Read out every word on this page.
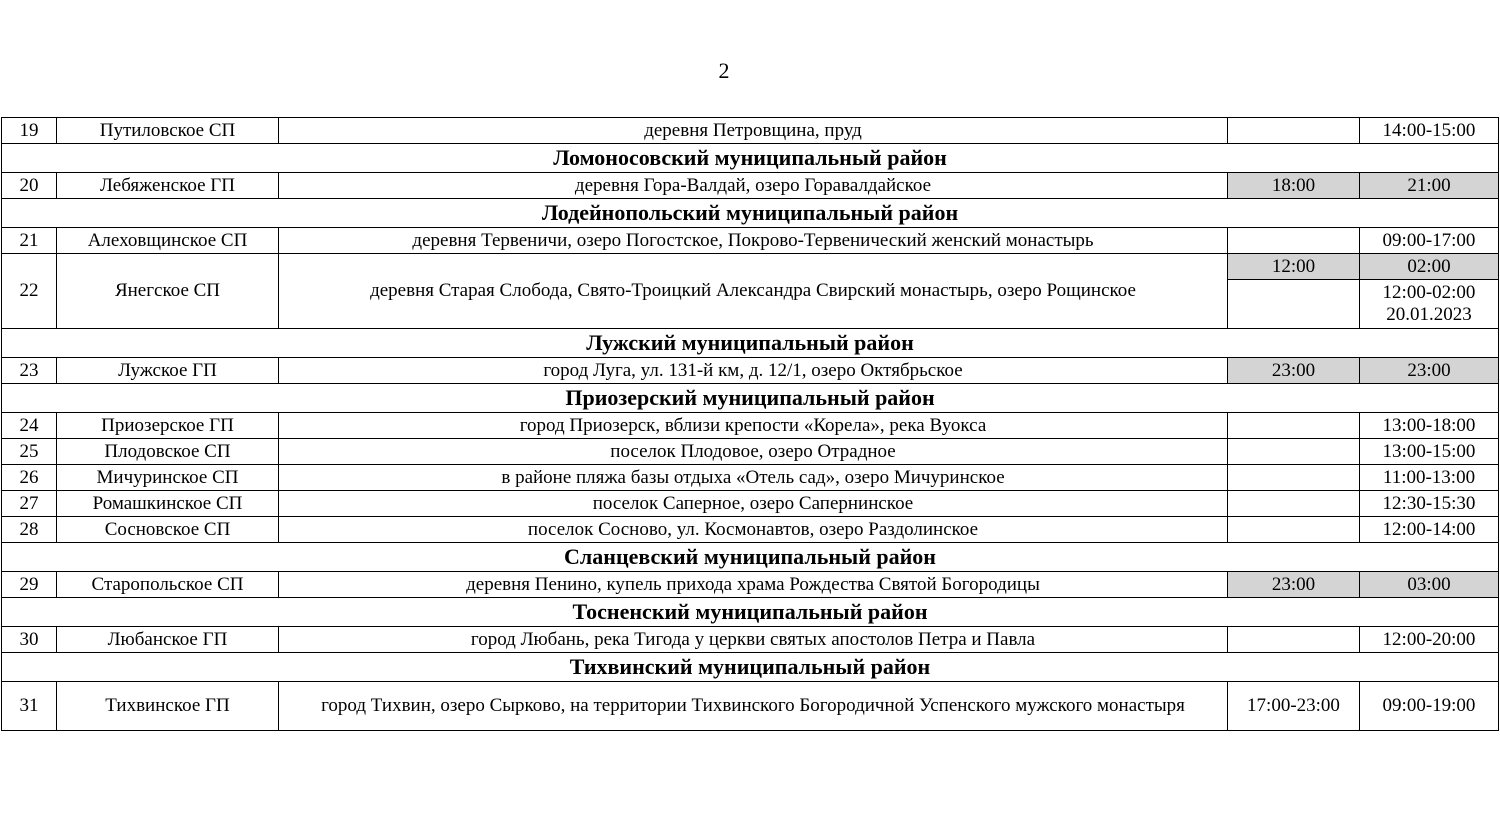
2
19	Путиловское СП	деревня Петровщина, пруд		14:00-15:00
Ломоносовский муниципальный район				
20	Лебяженское ГП	деревня Гора-Валдай, озеро Горавалдайское	18:00	21:00
Лодейнопольский муниципальный район				
21	Алеховщинское СП	деревня Тервеничи, озеро Погостское, Покрово-Тервенический женский монастырь		09:00-17:00
22	Янегское СП	деревня Старая Слобода, Свято-Троицкий Александра Свирский монастырь, озеро Рощинское	12:00	02:00

				12:00-02:00
20.01.2023

Лужский муниципальный район				
23	Лужское ГП	город Луга, ул. 131-й км, д. 12/1, озеро Октябрьское	23:00	23:00
Приозерский муниципальный район				
24	Приозерское ГП	город Приозерск, вблизи крепости «Корела», река Вуокса		13:00-18:00
25	Плодовское СП	поселок Плодовое, озеро Отрадное		13:00-15:00
26	Мичуринское СП	в районе пляжа базы отдыха «Отель сад», озеро Мичуринское		11:00-13:00
27	Ромашкинское СП	поселок Саперное, озеро Сапернинское		12:30-15:30
28	Сосновское СП	поселок Сосново, ул. Космонавтов, озеро Раздолинское		12:00-14:00
Сланцевский муниципальный район				
29	Старопольское СП	деревня Пенино, купель прихода храма Рождества Святой Богородицы	23:00	03:00
Тосненский муниципальный район				
30	Любанское ГП	город Любань, река Тигода у церкви святых апостолов Петра и Павла		12:00-20:00
Тихвинский муниципальный район				
31	Тихвинское ГП	город Тихвин, озеро Сырково, на территории Тихвинского Богородичной Успенского мужского монастыря	17:00-23:00	09:00-19:00
